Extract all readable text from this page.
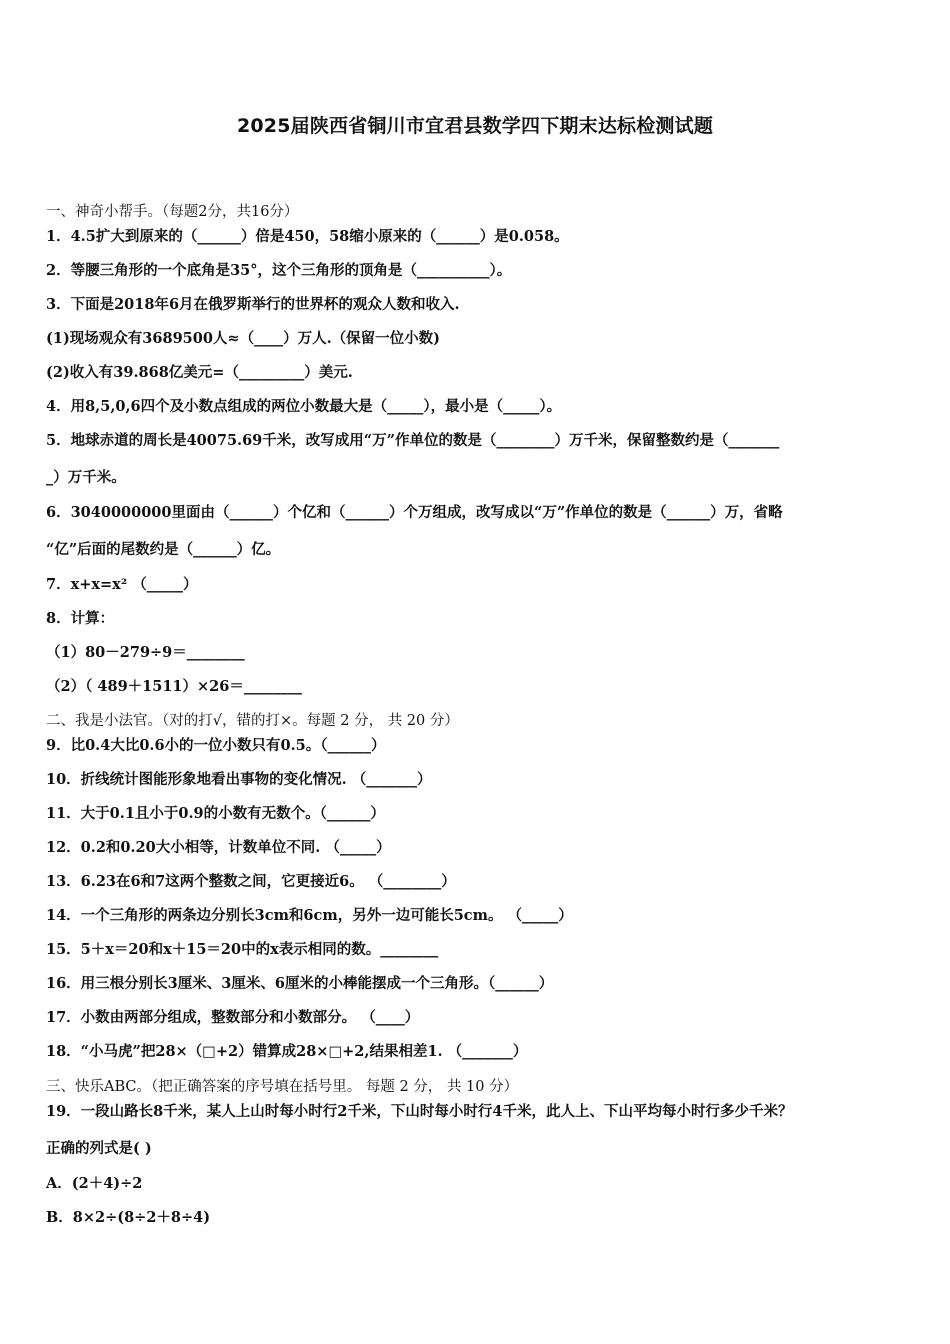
2025届陕西省铜川市宜君县数学四下期末达标检测试题
一、神奇小帮手。（每题2分，共16分）
1．4.5扩大到原来的（______）倍是450，58缩小原来的（______）是0.058。
2．等腰三角形的一个底角是35°，这个三角形的顶角是（__________）。
3．下面是2018年6月在俄罗斯举行的世界杯的观众人数和收入.
(1)现场观众有3689500人≈（____）万人.（保留一位小数)
(2)收入有39.868亿美元=（_________）美元.
4．用8,5,0,6四个及小数点组成的两位小数最大是（_____），最小是（_____）。
5．地球赤道的周长是40075.69千米，改写成用“万”作单位的数是（________）万千米，保留整数约是（_______
_）万千米。
6．3040000000里面由（______）个亿和（______）个万组成，改写成以“万”作单位的数是（______）万，省略
“亿”后面的尾数约是（______）亿。
7．x+x=x² （_____）
8．计算：
（1）80－279÷9＝________
（2）（ 489＋1511）×26＝________
二、我是小法官。（对的打√，错的打×。每题 2 分， 共 20 分）
9．比0.4大比0.6小的一位小数只有0.5。（______）
10．折线统计图能形象地看出事物的变化情况. （_______）
11．大于0.1且小于0.9的小数有无数个。（______）
12．0.2和0.20大小相等，计数单位不同. （_____）
13．6.23在6和7这两个整数之间，它更接近6。 （________）
14．一个三角形的两条边分别长3cm和6cm，另外一边可能长5cm。 （_____）
15．5＋x＝20和x＋15＝20中的x表示相同的数。________
16．用三根分别长3厘米、3厘米、6厘米的小棒能摆成一个三角形。（______）
17．小数由两部分组成，整数部分和小数部分。 （____）
18．“小马虎”把28×（□+2）错算成28×□+2,结果相差1. （_______）
三、快乐ABC。（把正确答案的序号填在括号里。 每题 2 分， 共 10 分）
19．一段山路长8千米，某人上山时每小时行2千米，下山时每小时行4千米，此人上、下山平均每小时行多少千米？
正确的列式是( )
A．(2＋4)÷2
B．8×2÷(8÷2＋8÷4)
